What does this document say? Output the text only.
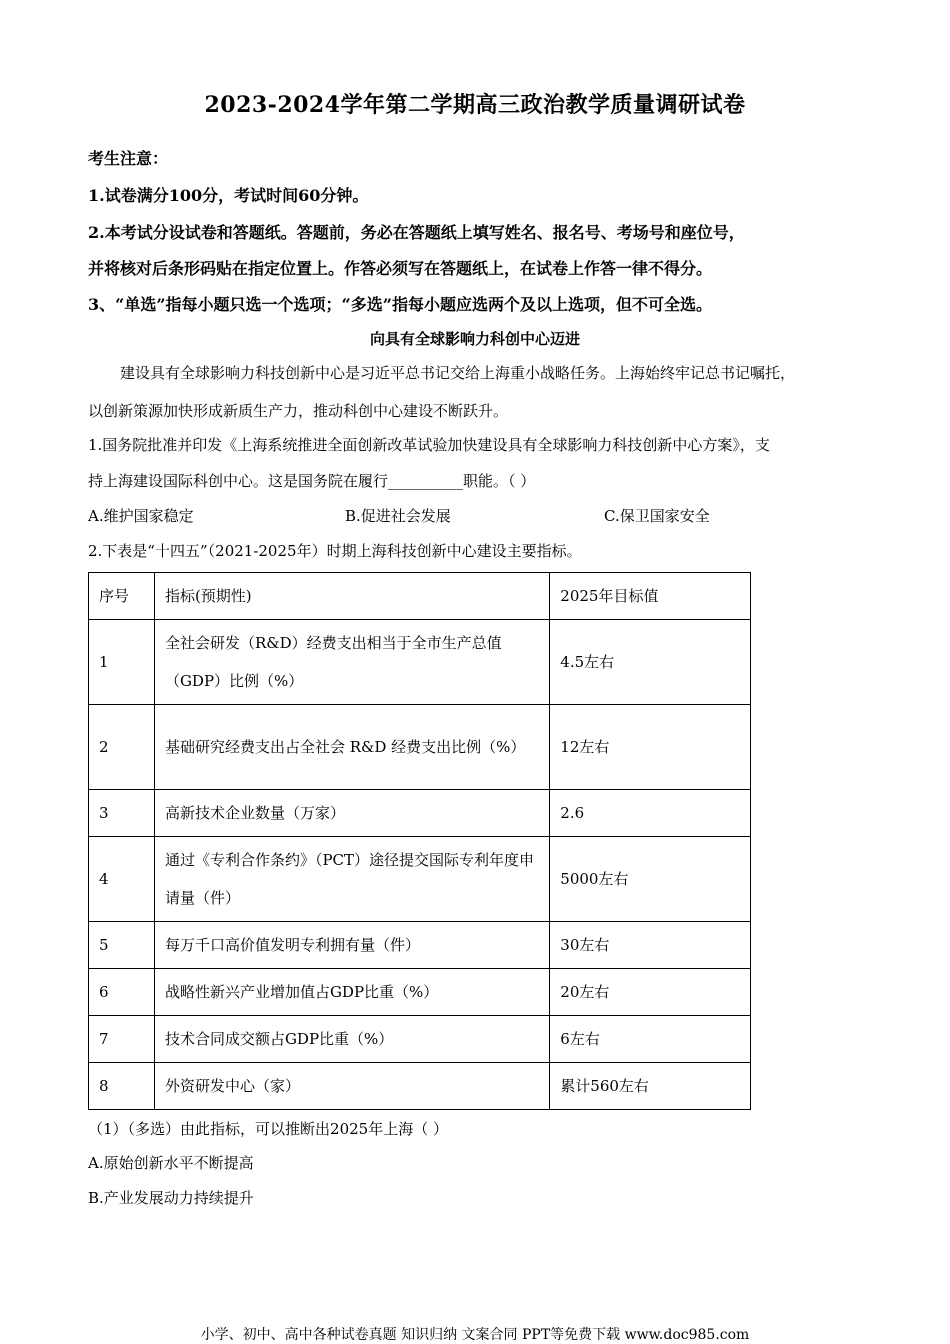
2023-2024学年第二学期高三政治教学质量调研试卷
考生注意：
1.试卷满分100分，考试时间60分钟。
2.本考试分设试卷和答题纸。答题前，务必在答题纸上填写姓名、报名号、考场号和座位号，
并将核对后条形码贴在指定位置上。作答必须写在答题纸上，在试卷上作答一律不得分。
3、“单选”指每小题只选一个选项；“多选”指每小题应选两个及以上选项，但不可全选。
向具有全球影响力科创中心迈进
建设具有全球影响力科技创新中心是习近平总书记交给上海重小战略任务。上海始终牢记总书记嘱托，
以创新策源加快形成新质生产力，推动科创中心建设不断跃升。
1.国务院批准并印发《上海系统推进全面创新改革试验加快建设具有全球影响力科技创新中心方案》，支
持上海建设国际科创中心。这是国务院在履行__________职能。（ ）
A.维护国家稳定	B.促进社会发展	C.保卫国家安全
2.下表是“十四五”（2021-2025年）时期上海科技创新中心建设主要指标。
序号	指标(预期性)	2025年目标值
1	全社会研发（R&D）经费支出相当于全市生产总值（GDP）比例（%）	4.5左右
2	基础研究经费支出占全社会 R&D 经费支出比例（%）	12左右
3	高新技术企业数量（万家）	2.6
4	通过《专利合作条约》（PCT）途径提交国际专利年度申请量（件）	5000左右
5	每万千口高价值发明专利拥有量（件）	30左右
6	战略性新兴产业增加值占GDP比重（%）	20左右
7	技术合同成交额占GDP比重（%）	6左右
8	外资研发中心（家）	累计560左右
（1）（多选）由此指标，可以推断出2025年上海（ ）
A.原始创新水平不断提高
B.产业发展动力持续提升
小学、初中、高中各种试卷真题 知识归纳 文案合同 PPT等免费下载 www.doc985.com
